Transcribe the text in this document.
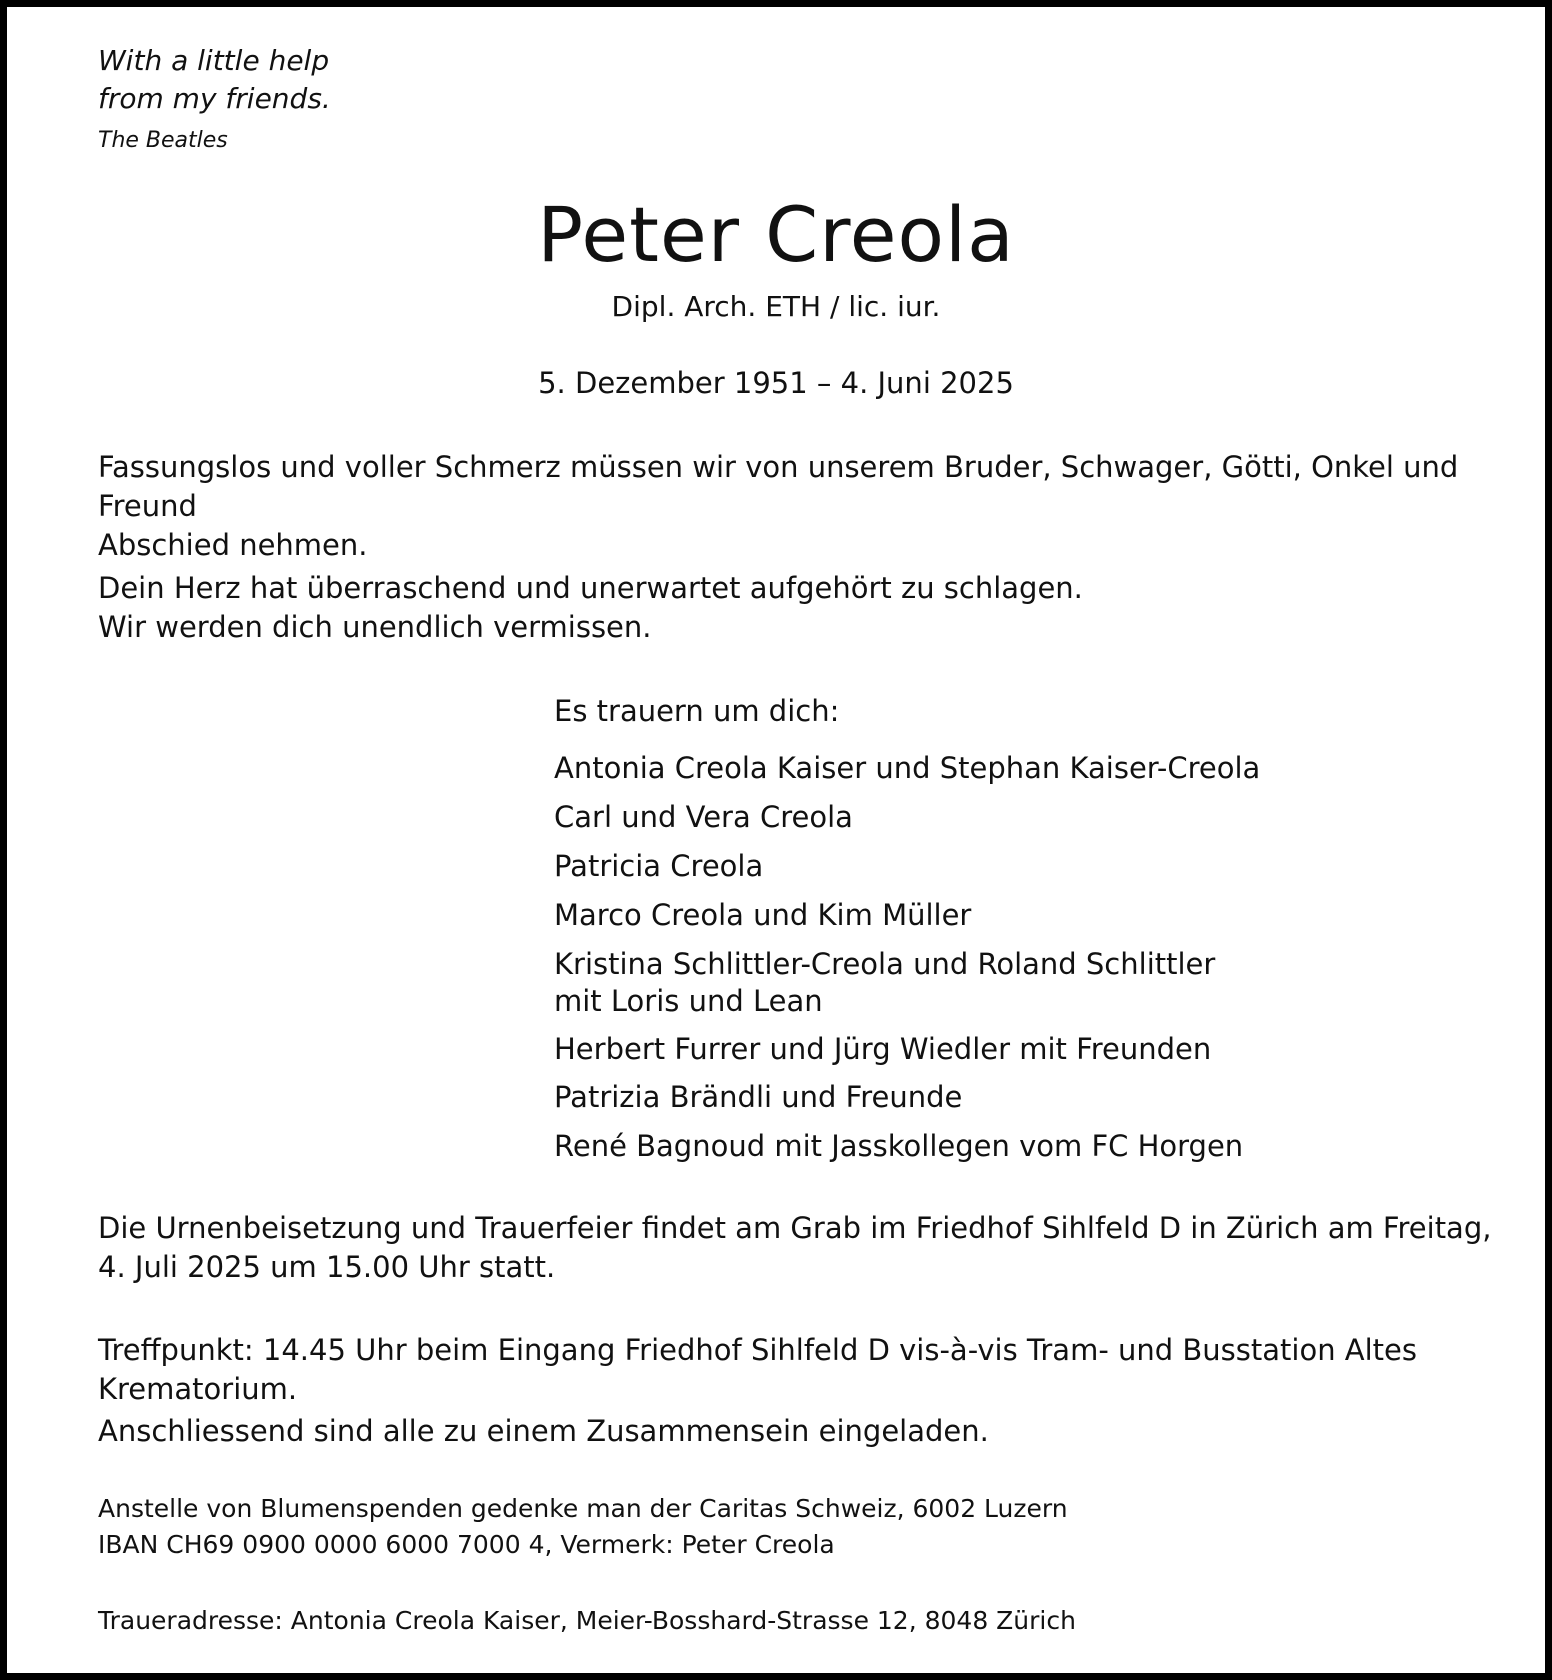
With a little help
from my friends.
The Beatles
Peter Creola
Dipl. Arch. ETH / lic. iur.
5. Dezember 1951 – 4. Juni 2025
Fassungslos und voller Schmerz müssen wir von unserem Bruder, Schwager, Götti, Onkel und Freund
Abschied nehmen.
Dein Herz hat überraschend und unerwartet aufgehört zu schlagen.
Wir werden dich unendlich vermissen.
Es trauern um dich:
Antonia Creola Kaiser und Stephan Kaiser-Creola
Carl und Vera Creola
Patricia Creola
Marco Creola und Kim Müller
Kristina Schlittler-Creola und Roland Schlittler
mit Loris und Lean
Herbert Furrer und Jürg Wiedler mit Freunden
Patrizia Brändli und Freunde
René Bagnoud mit Jasskollegen vom FC Horgen
Die Urnenbeisetzung und Trauerfeier findet am Grab im Friedhof Sihlfeld D in Zürich am Freitag,
4. Juli 2025 um 15.00 Uhr statt.
Treffpunkt: 14.45 Uhr beim Eingang Friedhof Sihlfeld D vis-à-vis Tram- und Busstation Altes Krematorium.
Anschliessend sind alle zu einem Zusammensein eingeladen.
Anstelle von Blumenspenden gedenke man der Caritas Schweiz, 6002 Luzern
IBAN CH69 0900 0000 6000 7000 4, Vermerk: Peter Creola
Traueradresse: Antonia Creola Kaiser, Meier-Bosshard-Strasse 12, 8048 Zürich
